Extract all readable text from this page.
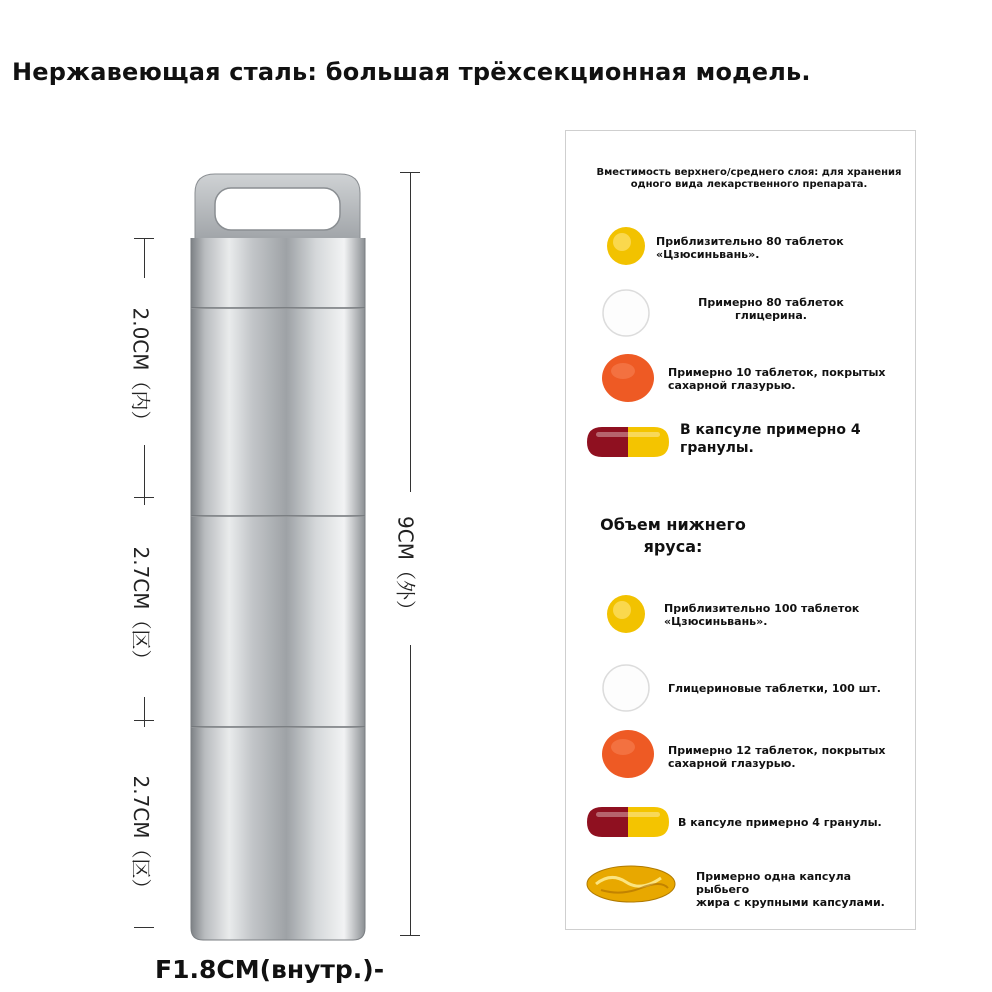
Нержавеющая сталь: большая трёхсекционная модель.
2.0CM（内）
2.7CM（区）
2.7CM（区）
9CM（外）
F1.8CM(внутр.)-
Вместимость верхнего/среднего слоя: для хранения одного вида лекарственного препарата.
Приблизительно 80 таблеток
«Цзюсиньвань».
Примерно 80 таблеток
глицерина.
Примерно 10 таблеток, покрытых
сахарной глазурью.
В капсуле примерно 4
гранулы.
Объем нижнего
яруса:
Приблизительно 100 таблеток
«Цзюсиньвань».
Глицериновые таблетки, 100 шт.
Примерно 12 таблеток, покрытых
сахарной глазурью.
В капсуле примерно 4 гранулы.
Примерно одна капсула рыбьего
жира с крупными капсулами.
